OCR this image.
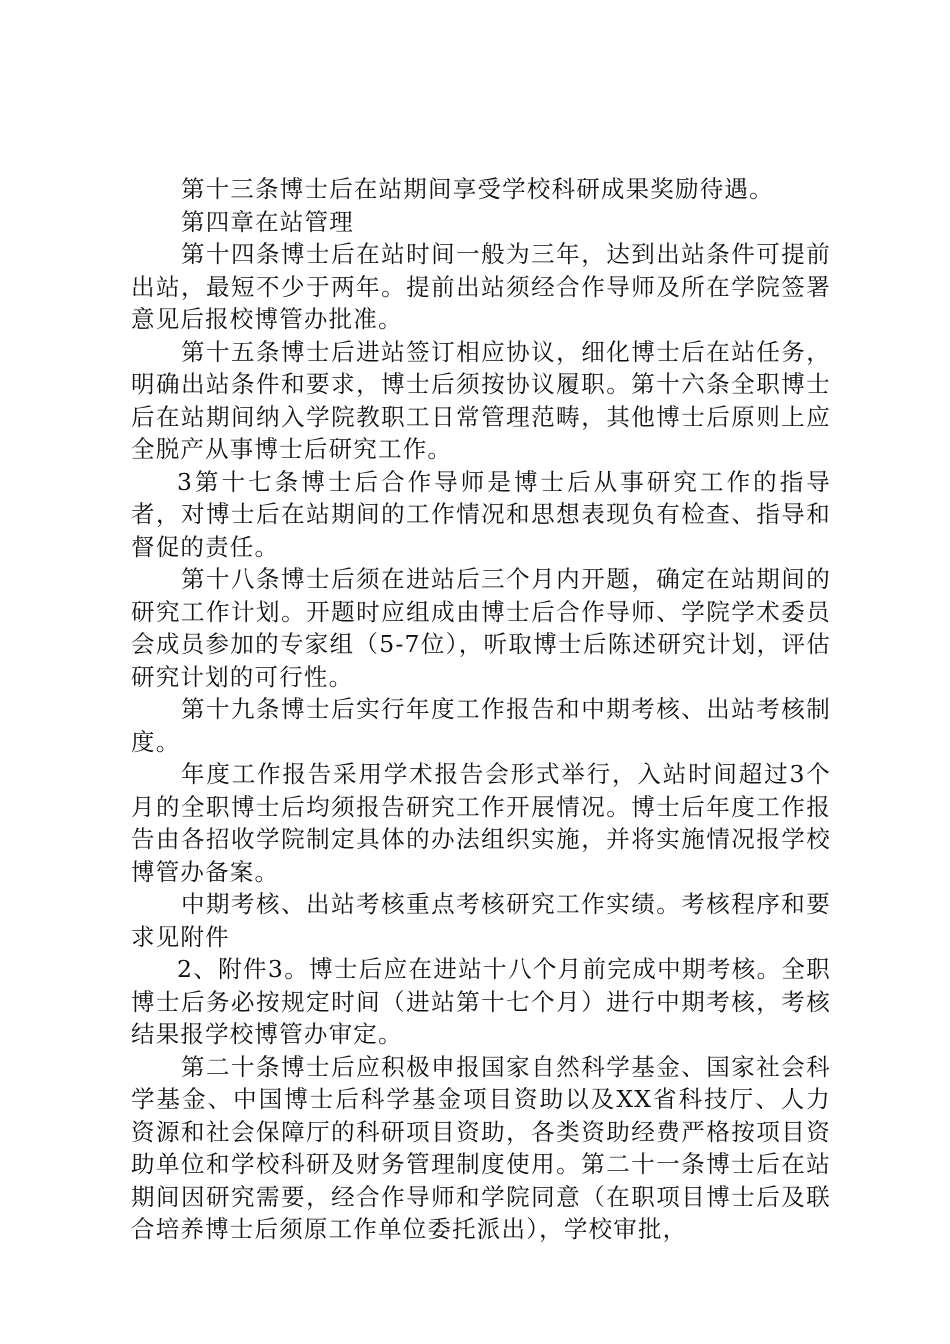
第十三条博士后在站期间享受学校科研成果奖励待遇。

第四章在站管理

第十四条博士后在站时间一般为三年，达到出站条件可提前出站，最短不少于两年。提前出站须经合作导师及所在学院签署意见后报校博管办批准。

第十五条博士后进站签订相应协议，细化博士后在站任务，明确出站条件和要求，博士后须按协议履职。第十六条全职博士后在站期间纳入学院教职工日常管理范畴，其他博士后原则上应全脱产从事博士后研究工作。

3第十七条博士后合作导师是博士后从事研究工作的指导者，对博士后在站期间的工作情况和思想表现负有检查、指导和督促的责任。

第十八条博士后须在进站后三个月内开题，确定在站期间的研究工作计划。开题时应组成由博士后合作导师、学院学术委员会成员参加的专家组（5-7位），听取博士后陈述研究计划，评估研究计划的可行性。

第十九条博士后实行年度工作报告和中期考核、出站考核制度。

年度工作报告采用学术报告会形式举行，入站时间超过3个月的全职博士后均须报告研究工作开展情况。博士后年度工作报告由各招收学院制定具体的办法组织实施，并将实施情况报学校博管办备案。

中期考核、出站考核重点考核研究工作实绩。考核程序和要求见附件

2、附件3。博士后应在进站十八个月前完成中期考核。全职博士后务必按规定时间（进站第十七个月）进行中期考核，考核结果报学校博管办审定。

第二十条博士后应积极申报国家自然科学基金、国家社会科学基金、中国博士后科学基金项目资助以及XX省科技厅、人力资源和社会保障厅的科研项目资助，各类资助经费严格按项目资助单位和学校科研及财务管理制度使用。第二十一条博士后在站期间因研究需要，经合作导师和学院同意（在职项目博士后及联合培养博士后须原工作单位委托派出），学校审批，
